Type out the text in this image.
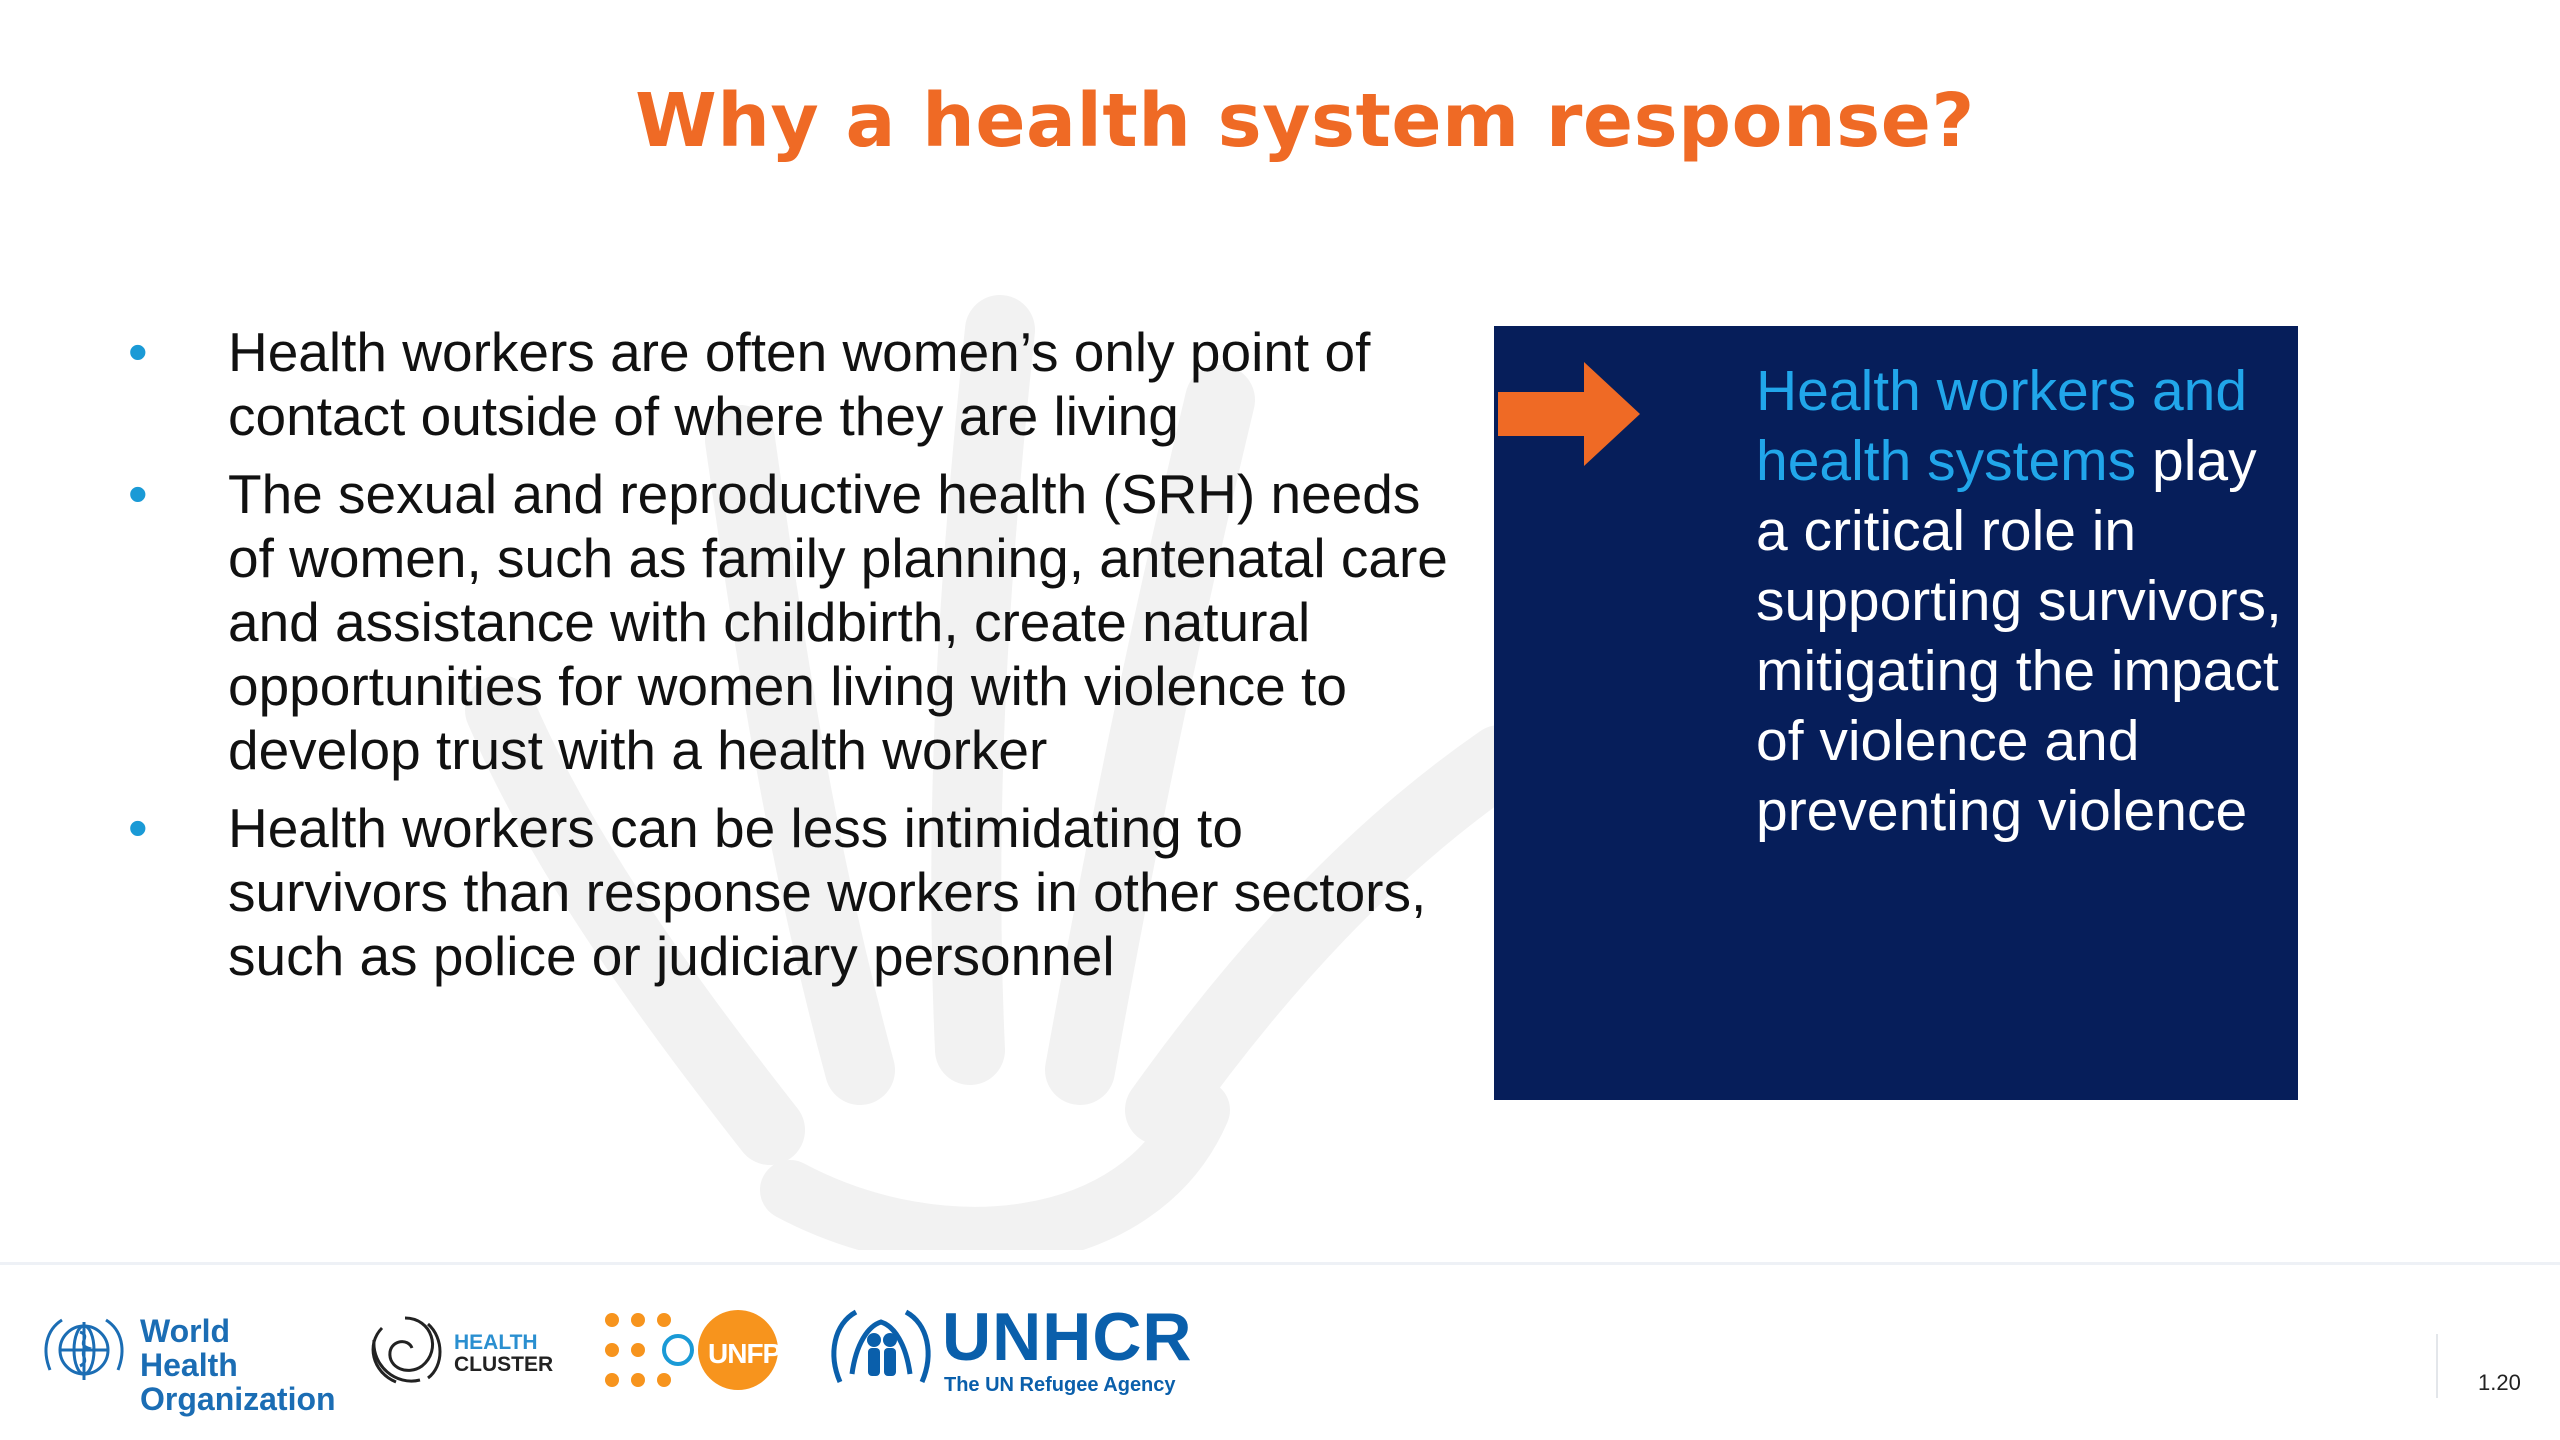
Why a health system response?
• Health workers are often women’s only point of contact outside of where they are living
• The sexual and reproductive health (SRH) needs of women, such as family planning, antenatal care and assistance with childbirth, create natural opportunities for women living with violence to develop trust with a health worker
• Health workers can be less intimidating to survivors than response workers in other sectors, such as police or judiciary personnel
Health workers and health systems play a critical role in supporting survivors, mitigating the impact of violence and preventing violence
World Health
Organization
HEALTH
CLUSTER	UNFPA UNHCR
The UN Refugee Agency	1.20
